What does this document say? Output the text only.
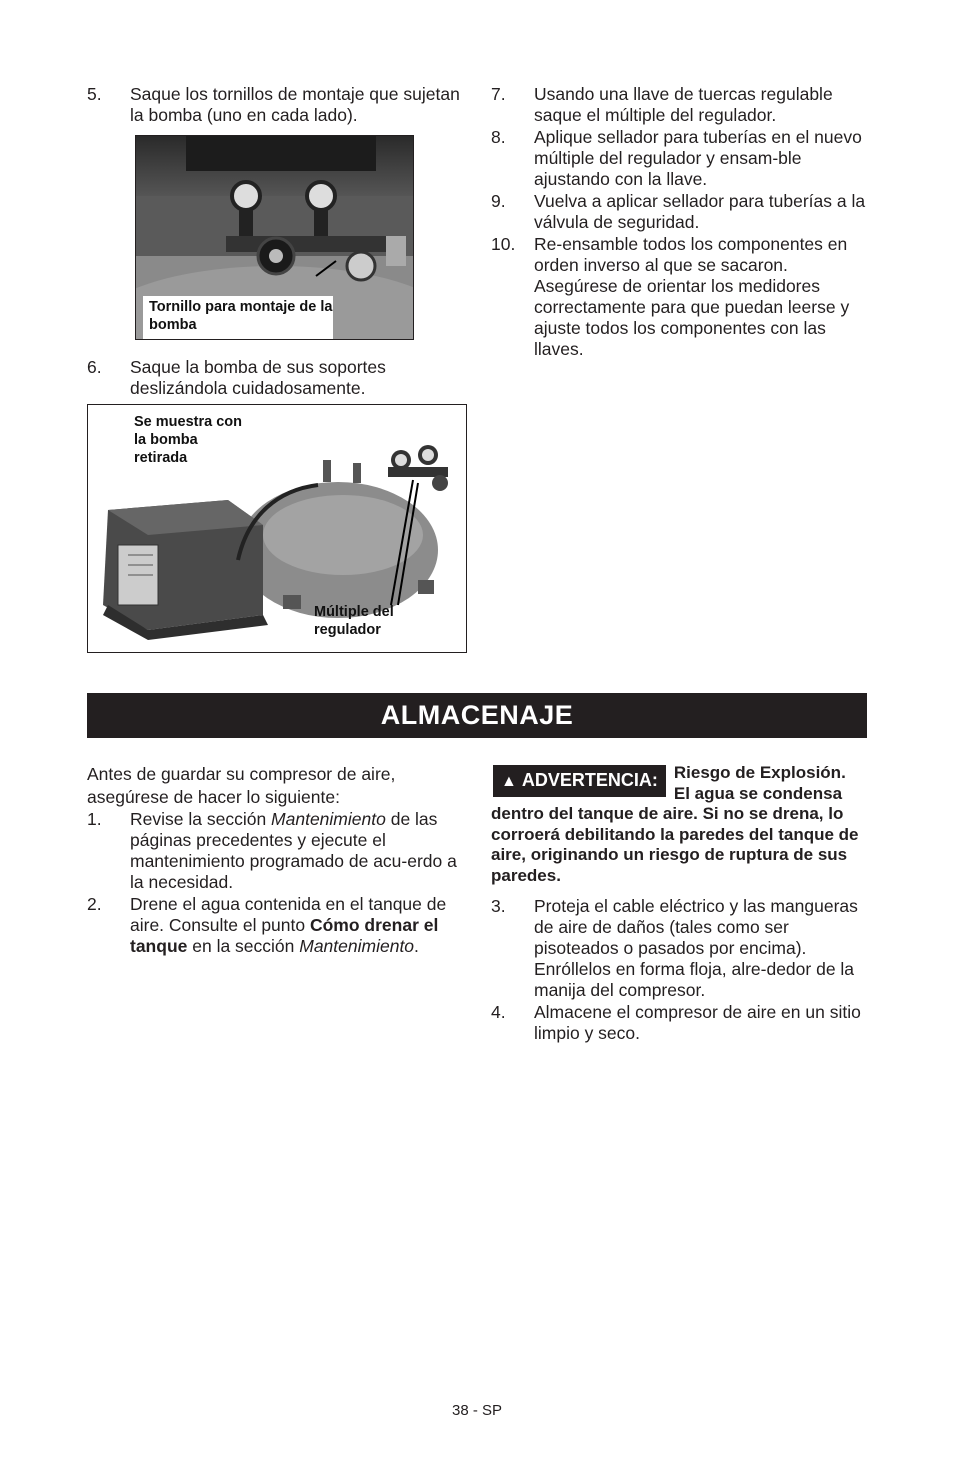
5. Saque los tornillos de montaje que sujetan la bomba (uno en cada lado).
Tornillo para montaje de la bomba
6. Saque la bomba de sus soportes deslizándola cuidadosamente.
Se muestra con la bomba retirada
Múltiple del regulador
7. Usando una llave de tuercas regulable saque el múltiple del regulador.
8. Aplique sellador para tuberías en el nuevo múltiple del regulador y ensam-ble ajustando con la llave.
9. Vuelva a aplicar sellador para tuberías a la válvula de seguridad.
10. Re-ensamble todos los componentes en orden inverso al que se sacaron. Asegúrese de orientar los medidores correctamente para que puedan leerse y ajuste todos los componentes con las llaves.
ALMACENAJE
Antes de guardar su compresor de aire, asegúrese de hacer lo siguiente:
1. Revise la sección Mantenimiento de las páginas precedentes y ejecute el mantenimiento programado de acu-erdo a la necesidad.
2. Drene el agua contenida en el tanque de aire. Consulte el punto Cómo drenar el tanque en la sección Mantenimiento.
▲ ADVERTENCIA: Riesgo de Explosión. El agua se condensa dentro del tanque de aire. Si no se drena, lo corroerá debilitando la paredes del tanque de aire, originando un riesgo de ruptura de sus paredes.
3. Proteja el cable eléctrico y las mangueras de aire de daños (tales como ser pisoteados o pasados por encima). Enróllelos en forma floja, alre-dedor de la manija del compresor.
4. Almacene el compresor de aire en un sitio limpio y seco.
38 - SP
